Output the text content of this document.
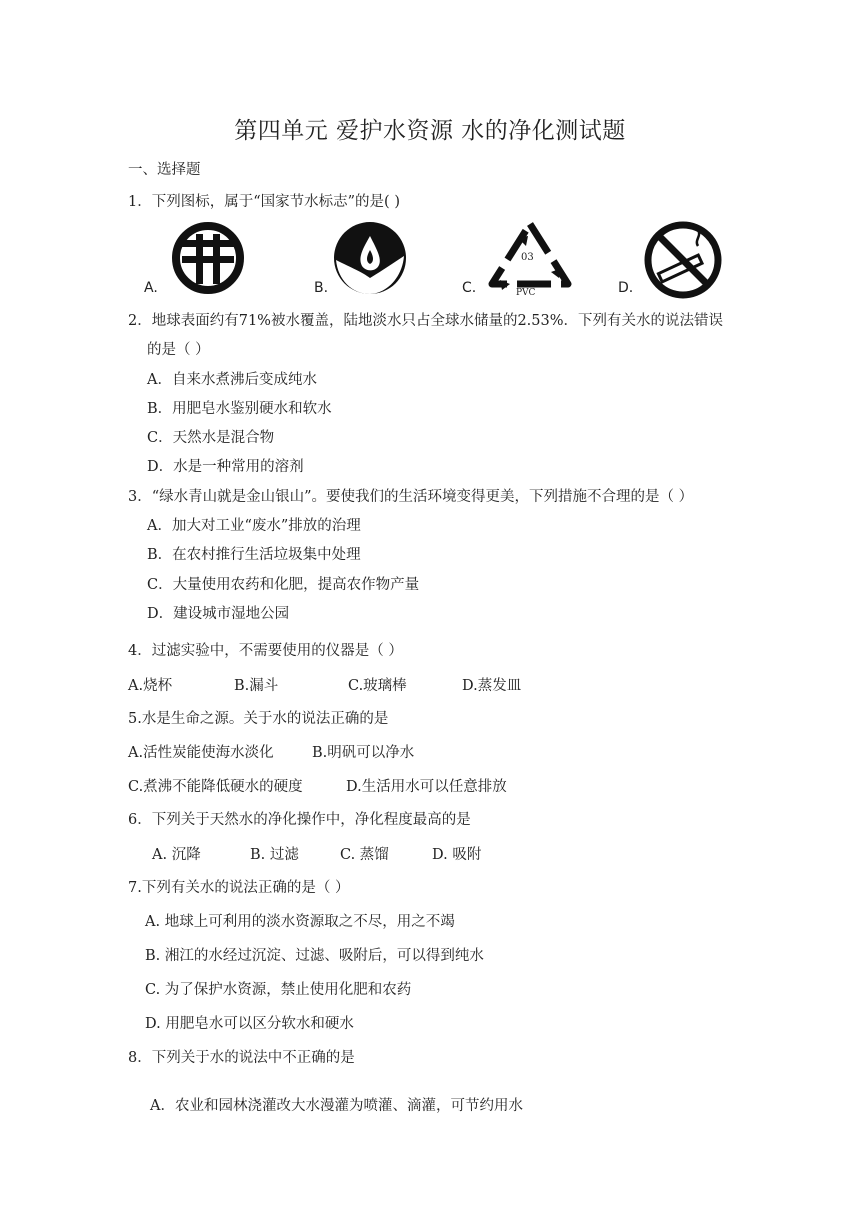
第四单元 爱护水资源 水的净化测试题
一、选择题
1．下列图标，属于“国家节水标志”的是( )
A.	B.	C.
03
PVC	D.
2．地球表面约有71%被水覆盖，陆地淡水只占全球水储量的2.53%．下列有关水的说法错误
的是（ ）
A．自来水煮沸后变成纯水
B．用肥皂水鉴别硬水和软水
C．天然水是混合物
D．水是一种常用的溶剂
3．“绿水青山就是金山银山”。要使我们的生活环境变得更美，下列措施不合理的是（ ）
A．加大对工业“废水”排放的治理
B．在农村推行生活垃圾集中处理
C．大量使用农药和化肥，提高农作物产量
D．建设城市湿地公园
4．过滤实验中，不需要使用的仪器是（ ）
A.烧杯	B.漏斗	C.玻璃棒	D.蒸发皿
5.水是生命之源。关于水的说法正确的是
A.活性炭能使海水淡化	B.明矾可以净水
C.煮沸不能降低硬水的硬度	D.生活用水可以任意排放
6．下列关于天然水的净化操作中，净化程度最高的是
A. 沉降	B. 过滤	C. 蒸馏	D. 吸附
7.下列有关水的说法正确的是（ ）
A. 地球上可利用的淡水资源取之不尽，用之不竭
B. 湘江的水经过沉淀、过滤、吸附后，可以得到纯水
C. 为了保护水资源，禁止使用化肥和农药
D. 用肥皂水可以区分软水和硬水
8．下列关于水的说法中不正确的是
A．农业和园林浇灌改大水漫灌为喷灌、滴灌，可节约用水
